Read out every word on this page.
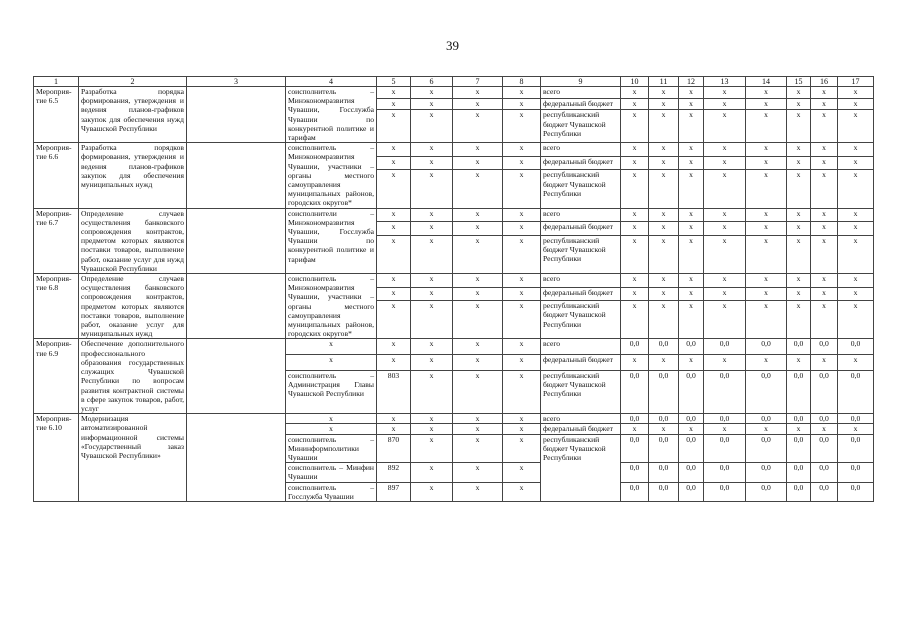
39
1	2	3	4	5	6	7	8	9	10	11	12	13	14	15	16	17
Мероприя-тие 6.5	Разработка порядка формирования, утверждения и ведения планов-графиков закупок для обеспечения нужд Чувашской Республики		соисполнитель – Минэкономразвития Чувашии, Госслужба Чувашии по конкурентной политике и тарифам	x	x	x	x	всего	x	x	x	x	x	x	x	x
				x	x	x	x	федеральный бюджет	x	x	x	x	x	x	x	x
				x	x	x	x	республиканский бюджет Чувашской Республики	x	x	x	x	x	x	x	x
Мероприя-тие 6.6	Разработка порядков формирования, утверждения и ведения планов-графиков закупок для обеспечения муниципальных нужд		соисполнитель – Минэкономразвития Чувашии, участники – органы местного самоуправления муниципальных районов, городских округов*	x	x	x	x	всего	x	x	x	x	x	x	x	x
				x	x	x	x	федеральный бюджет	x	x	x	x	x	x	x	x
				x	x	x	x	республиканский бюджет Чувашской Республики	x	x	x	x	x	x	x	x
Мероприя-тие 6.7	Определение случаев осуществления банковского сопровождения контрактов, предметом которых являются поставки товаров, выполнение работ, оказание услуг для нужд Чувашской Республики		соисполнители – Минэкономразвития Чувашии, Госслужба Чувашии по конкурентной политике и тарифам	x	x	x	x	всего	x	x	x	x	x	x	x	x
				x	x	x	x	федеральный бюджет	x	x	x	x	x	x	x	x
				x	x	x	x	республиканский бюджет Чувашской Республики	x	x	x	x	x	x	x	x
Мероприя-тие 6.8	Определение случаев осуществления банковского сопровождения контрактов, предметом которых являются поставки товаров, выполнение работ, оказание услуг для муниципальных нужд		соисполнитель – Минэкономразвития Чувашии, участники – органы местного самоуправления муниципальных районов, городских округов*	x	x	x	x	всего	x	x	x	x	x	x	x	x
				x	x	x	x	федеральный бюджет	x	x	x	x	x	x	x	x
				x	x	x	x	республиканский бюджет Чувашской Республики	x	x	x	x	x	x	x	x
Мероприя-тие 6.9	Обеспечение дополнительного профессионального образования государственных служащих Чувашской Республики по вопросам развития контрактной системы в сфере закупок товаров, работ, услуг		x	x	x	x	x	всего	0,0	0,0	0,0	0,0	0,0	0,0	0,0	0,0
			x	x	x	x	x	федеральный бюджет	x	x	x	x	x	x	x	x
			соисполнитель – Администрация Главы Чувашской Республики	803	x	x	x	республиканский бюджет Чувашской Республики	0,0	0,0	0,0	0,0	0,0	0,0	0,0	0,0
Мероприя-тие 6.10	Модернизация автоматизированной информационной системы «Государственный заказ Чувашской Республики»		x	x	x	x	x	всего	0,0	0,0	0,0	0,0	0,0	0,0	0,0	0,0
			x	x	x	x	x	федеральный бюджет	x	x	x	x	x	x	x	x
			соисполнитель – Мининформполитики Чувашии	870	x	x	x	республиканский бюджет Чувашской Республики	0,0	0,0	0,0	0,0	0,0	0,0	0,0	0,0
			соисполнитель – Минфин Чувашии	892	x	x	x		0,0	0,0	0,0	0,0	0,0	0,0	0,0	0,0
			соисполнитель – Госслужба Чувашии	897	x	x	x		0,0	0,0	0,0	0,0	0,0	0,0	0,0	0,0
